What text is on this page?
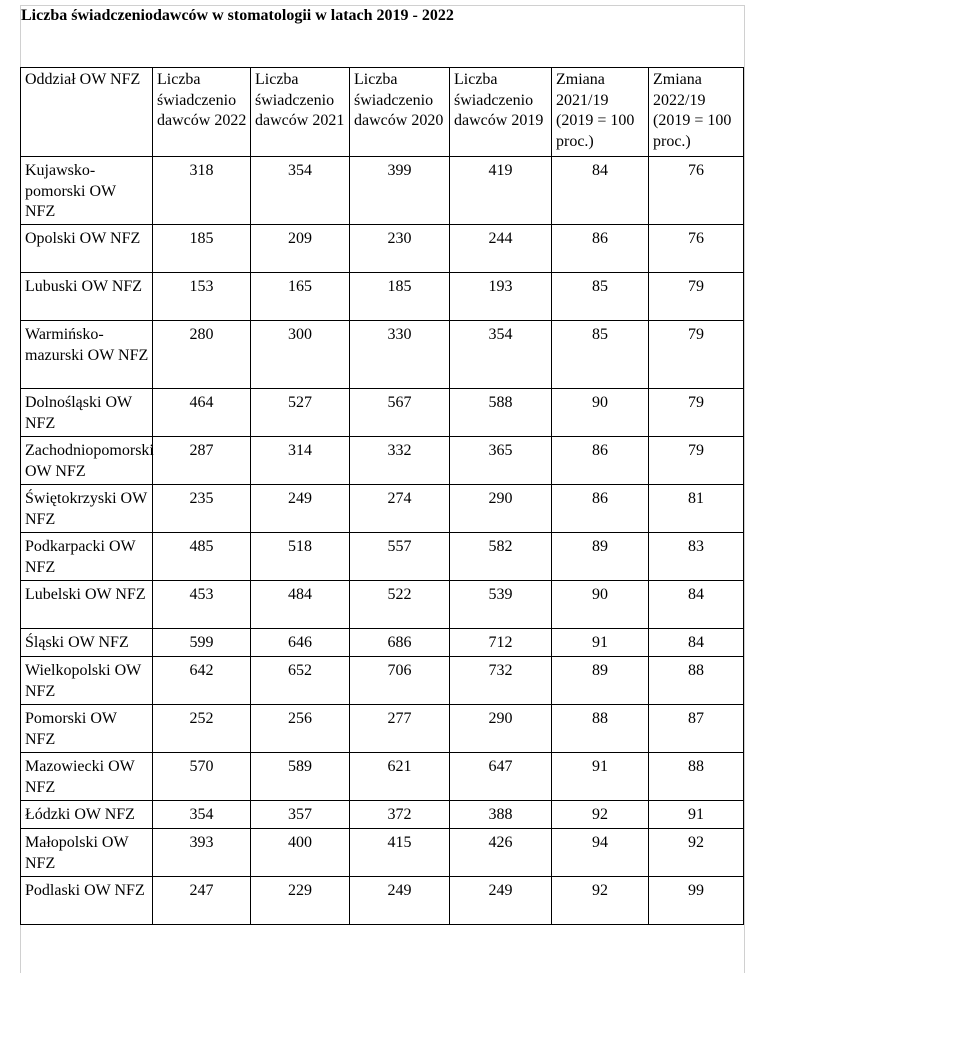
Liczba świadczeniodawców w stomatologii w latach 2019 - 2022
Oddział OW NFZ	Liczba świadczenio dawców 2022	Liczba świadczenio dawców 2021	Liczba świadczenio dawców 2020	Liczba świadczenio dawców 2019	Zmiana 2021/19 (2019 = 100 proc.)	Zmiana 2022/19 (2019 = 100 proc.)
Kujawsko-pomorski OW NFZ	318	354	399	419	84	76
Opolski OW NFZ	185	209	230	244	86	76
Lubuski OW NFZ	153	165	185	193	85	79
Warmińsko-mazurski OW NFZ	280	300	330	354	85	79
Dolnośląski OW NFZ	464	527	567	588	90	79
Zachodniopomorski OW NFZ	287	314	332	365	86	79
Świętokrzyski OW NFZ	235	249	274	290	86	81
Podkarpacki OW NFZ	485	518	557	582	89	83
Lubelski OW NFZ	453	484	522	539	90	84
Śląski OW NFZ	599	646	686	712	91	84
Wielkopolski OW NFZ	642	652	706	732	89	88
Pomorski OW NFZ	252	256	277	290	88	87
Mazowiecki OW NFZ	570	589	621	647	91	88
Łódzki OW NFZ	354	357	372	388	92	91
Małopolski OW NFZ	393	400	415	426	94	92
Podlaski OW NFZ	247	229	249	249	92	99
